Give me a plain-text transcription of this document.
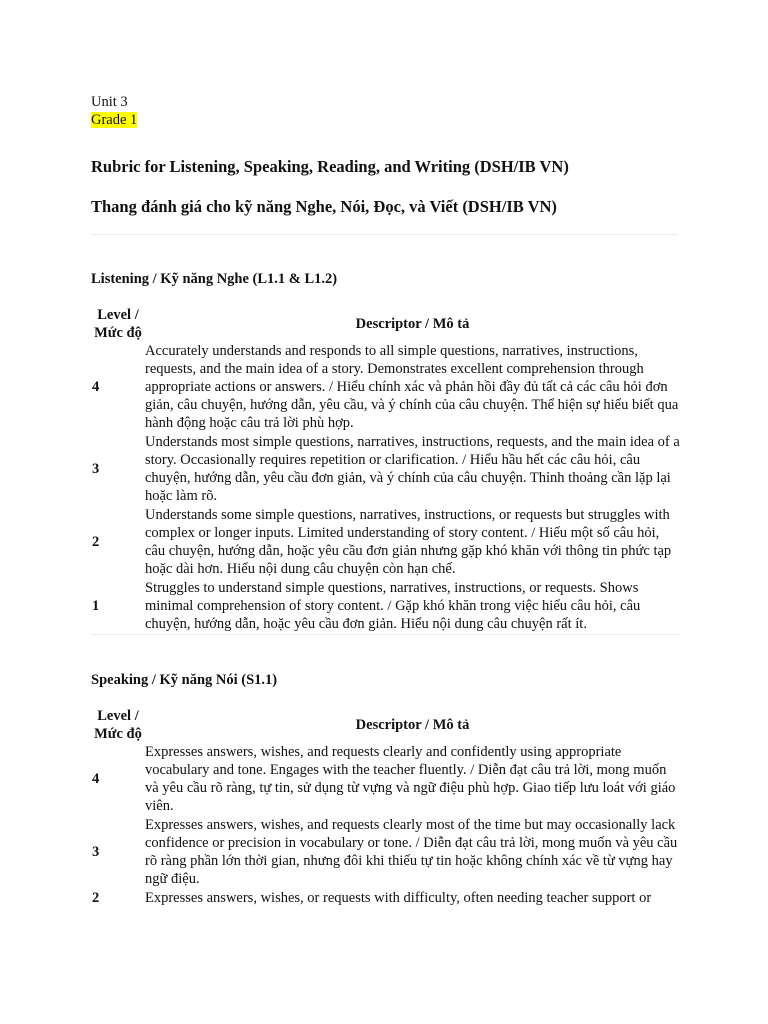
Unit 3
Grade 1
Rubric for Listening, Speaking, Reading, and Writing (DSH/IB VN)
Thang đánh giá cho kỹ năng Nghe, Nói, Đọc, và Viết (DSH/IB VN)
Listening / Kỹ năng Nghe (L1.1 & L1.2)
Level / Mức độ	Descriptor / Mô tả
4	Accurately understands and responds to all simple questions, narratives, instructions, requests, and the main idea of a story. Demonstrates excellent comprehension through appropriate actions or answers. / Hiểu chính xác và phản hồi đầy đủ tất cả các câu hỏi đơn giản, câu chuyện, hướng dẫn, yêu cầu, và ý chính của câu chuyện. Thể hiện sự hiểu biết qua hành động hoặc câu trả lời phù hợp.
3	Understands most simple questions, narratives, instructions, requests, and the main idea of a story. Occasionally requires repetition or clarification. / Hiểu hầu hết các câu hỏi, câu chuyện, hướng dẫn, yêu cầu đơn giản, và ý chính của câu chuyện. Thỉnh thoảng cần lặp lại hoặc làm rõ.
2	Understands some simple questions, narratives, instructions, or requests but struggles with complex or longer inputs. Limited understanding of story content. / Hiểu một số câu hỏi, câu chuyện, hướng dẫn, hoặc yêu cầu đơn giản nhưng gặp khó khăn với thông tin phức tạp hoặc dài hơn. Hiểu nội dung câu chuyện còn hạn chế.
1	Struggles to understand simple questions, narratives, instructions, or requests. Shows minimal comprehension of story content. / Gặp khó khăn trong việc hiểu câu hỏi, câu chuyện, hướng dẫn, hoặc yêu cầu đơn giản. Hiểu nội dung câu chuyện rất ít.
Speaking / Kỹ năng Nói (S1.1)
Level / Mức độ	Descriptor / Mô tả
4	Expresses answers, wishes, and requests clearly and confidently using appropriate vocabulary and tone. Engages with the teacher fluently. / Diễn đạt câu trả lời, mong muốn và yêu cầu rõ ràng, tự tin, sử dụng từ vựng và ngữ điệu phù hợp. Giao tiếp lưu loát với giáo viên.
3	Expresses answers, wishes, and requests clearly most of the time but may occasionally lack confidence or precision in vocabulary or tone. / Diễn đạt câu trả lời, mong muốn và yêu cầu rõ ràng phần lớn thời gian, nhưng đôi khi thiếu tự tin hoặc không chính xác về từ vựng hay ngữ điệu.
2	Expresses answers, wishes, or requests with difficulty, often needing teacher support or
